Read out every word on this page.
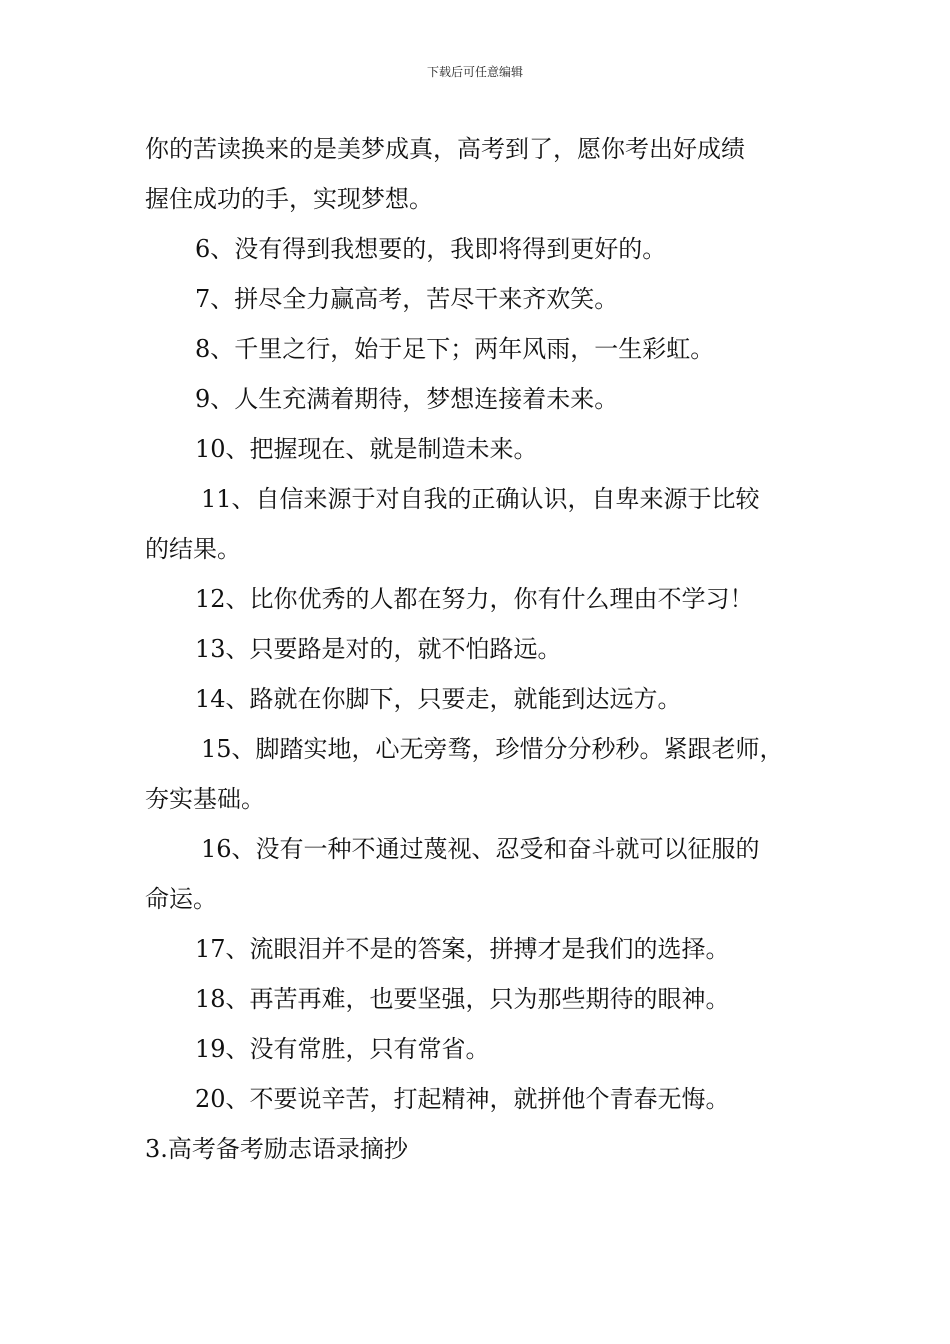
下载后可任意编辑
你的苦读换来的是美梦成真，高考到了，愿你考出好成绩
握住成功的手，实现梦想。
6、没有得到我想要的，我即将得到更好的。
7、拼尽全力赢高考，苦尽干来齐欢笑。
8、千里之行，始于足下；两年风雨，一生彩虹。
9、人生充满着期待，梦想连接着未来。
10、把握现在、就是制造未来。
11、自信来源于对自我的正确认识，自卑来源于比较
的结果。
12、比你优秀的人都在努力，你有什么理由不学习！
13、只要路是对的，就不怕路远。
14、路就在你脚下，只要走，就能到达远方。
15、脚踏实地，心无旁骛，珍惜分分秒秒。紧跟老师，
夯实基础。
16、没有一种不通过蔑视、忍受和奋斗就可以征服的
命运。
17、流眼泪并不是的答案，拼搏才是我们的选择。
18、再苦再难，也要坚强，只为那些期待的眼神。
19、没有常胜，只有常省。
20、不要说辛苦，打起精神，就拼他个青春无悔。
3.高考备考励志语录摘抄
